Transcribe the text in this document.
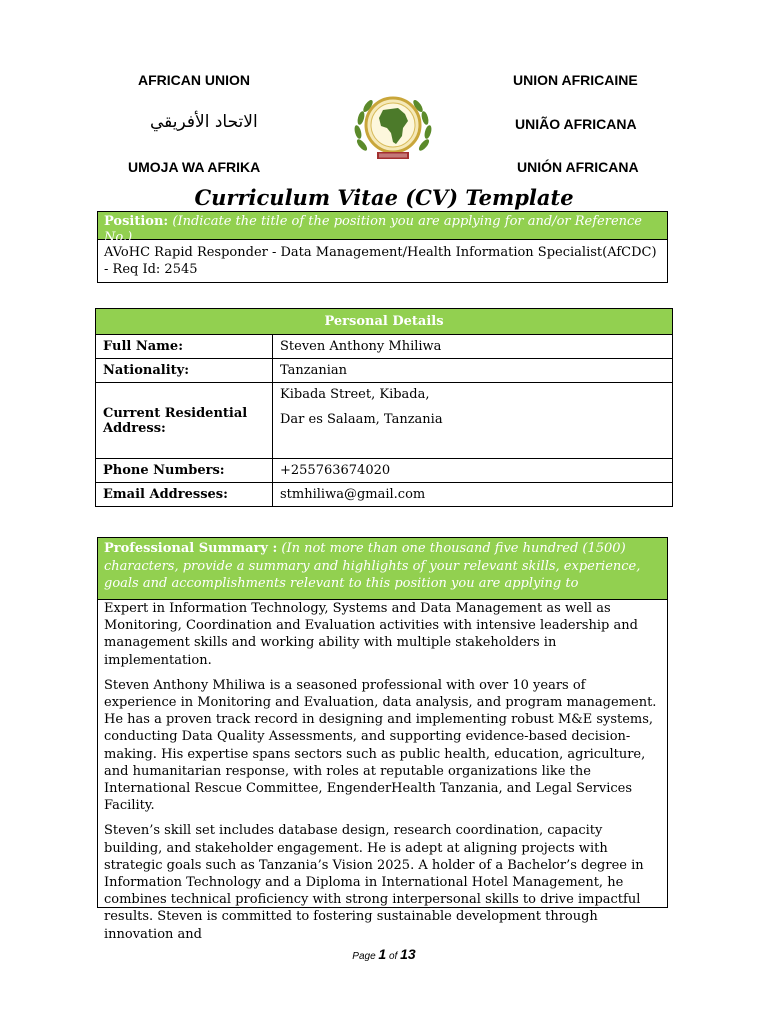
AFRICAN UNION
الاتحاد الأفريقي
UMOJA WA AFRIKA
UNION AFRICAINE
UNIÃO AFRICANA
UNIÓN AFRICANA
Curriculum Vitae (CV) Template
Position: (Indicate the title of the position you are applying for and/or Reference No.)
AVoHC Rapid Responder - Data Management/Health Information Specialist(AfCDC) - Req Id: 2545
Personal Details	
Full Name:	Steven Anthony Mhiliwa
Nationality:	Tanzanian
Current Residential Address:	Kibada Street, Kibada,
Dar es Salaam, Tanzania

Phone Numbers:	+255763674020
Email Addresses:	stmhiliwa@gmail.com
Professional Summary : (In not more than one thousand five hundred (1500) characters, provide a summary and highlights of your relevant skills, experience, goals and accomplishments relevant to this position you are applying to

Expert in Information Technology, Systems and Data Management as well as Monitoring, Coordination and Evaluation activities with intensive leadership and management skills and working ability with multiple stakeholders in implementation.

Steven Anthony Mhiliwa is a seasoned professional with over 10 years of experience in Monitoring and Evaluation, data analysis, and program management. He has a proven track record in designing and implementing robust M&E systems, conducting Data Quality Assessments, and supporting evidence-based decision-making. His expertise spans sectors such as public health, education, agriculture, and humanitarian response, with roles at reputable organizations like the International Rescue Committee, EngenderHealth Tanzania, and Legal Services Facility.

Steven’s skill set includes database design, research coordination, capacity building, and stakeholder engagement. He is adept at aligning projects with strategic goals such as Tanzania’s Vision 2025. A holder of a Bachelor’s degree in Information Technology and a Diploma in International Hotel Management, he combines technical proficiency with strong interpersonal skills to drive impactful results. Steven is committed to fostering sustainable development through innovation and

Page 1 of 13
